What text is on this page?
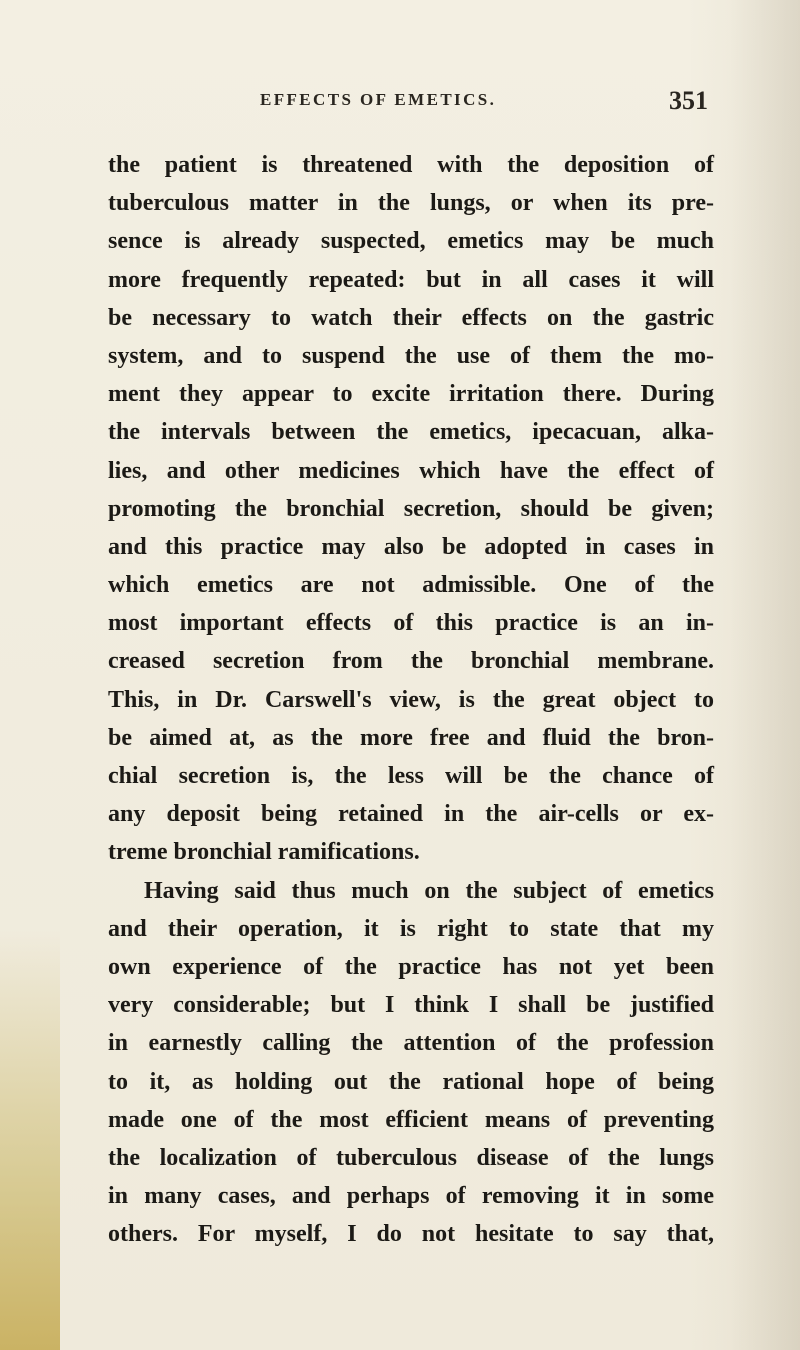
EFFECTS OF EMETICS.	351
the patient is threatened with the deposition of
tuberculous matter in the lungs, or when its pre-
sence is already suspected, emetics may be much
more frequently repeated: but in all cases it will
be necessary to watch their effects on the gastric
system, and to suspend the use of them the mo-
ment they appear to excite irritation there. During
the intervals between the emetics, ipecacuan, alka-
lies, and other medicines which have the effect of
promoting the bronchial secretion, should be given;
and this practice may also be adopted in cases in
which emetics are not admissible. One of the
most important effects of this practice is an in-
creased secretion from the bronchial membrane.
This, in Dr. Carswell's view, is the great object to
be aimed at, as the more free and fluid the bron-
chial secretion is, the less will be the chance of
any deposit being retained in the air-cells or ex-
treme bronchial ramifications.
Having said thus much on the subject of emetics
and their operation, it is right to state that my
own experience of the practice has not yet been
very considerable; but I think I shall be justified
in earnestly calling the attention of the profession
to it, as holding out the rational hope of being
made one of the most efficient means of preventing
the localization of tuberculous disease of the lungs
in many cases, and perhaps of removing it in some
others. For myself, I do not hesitate to say that,
